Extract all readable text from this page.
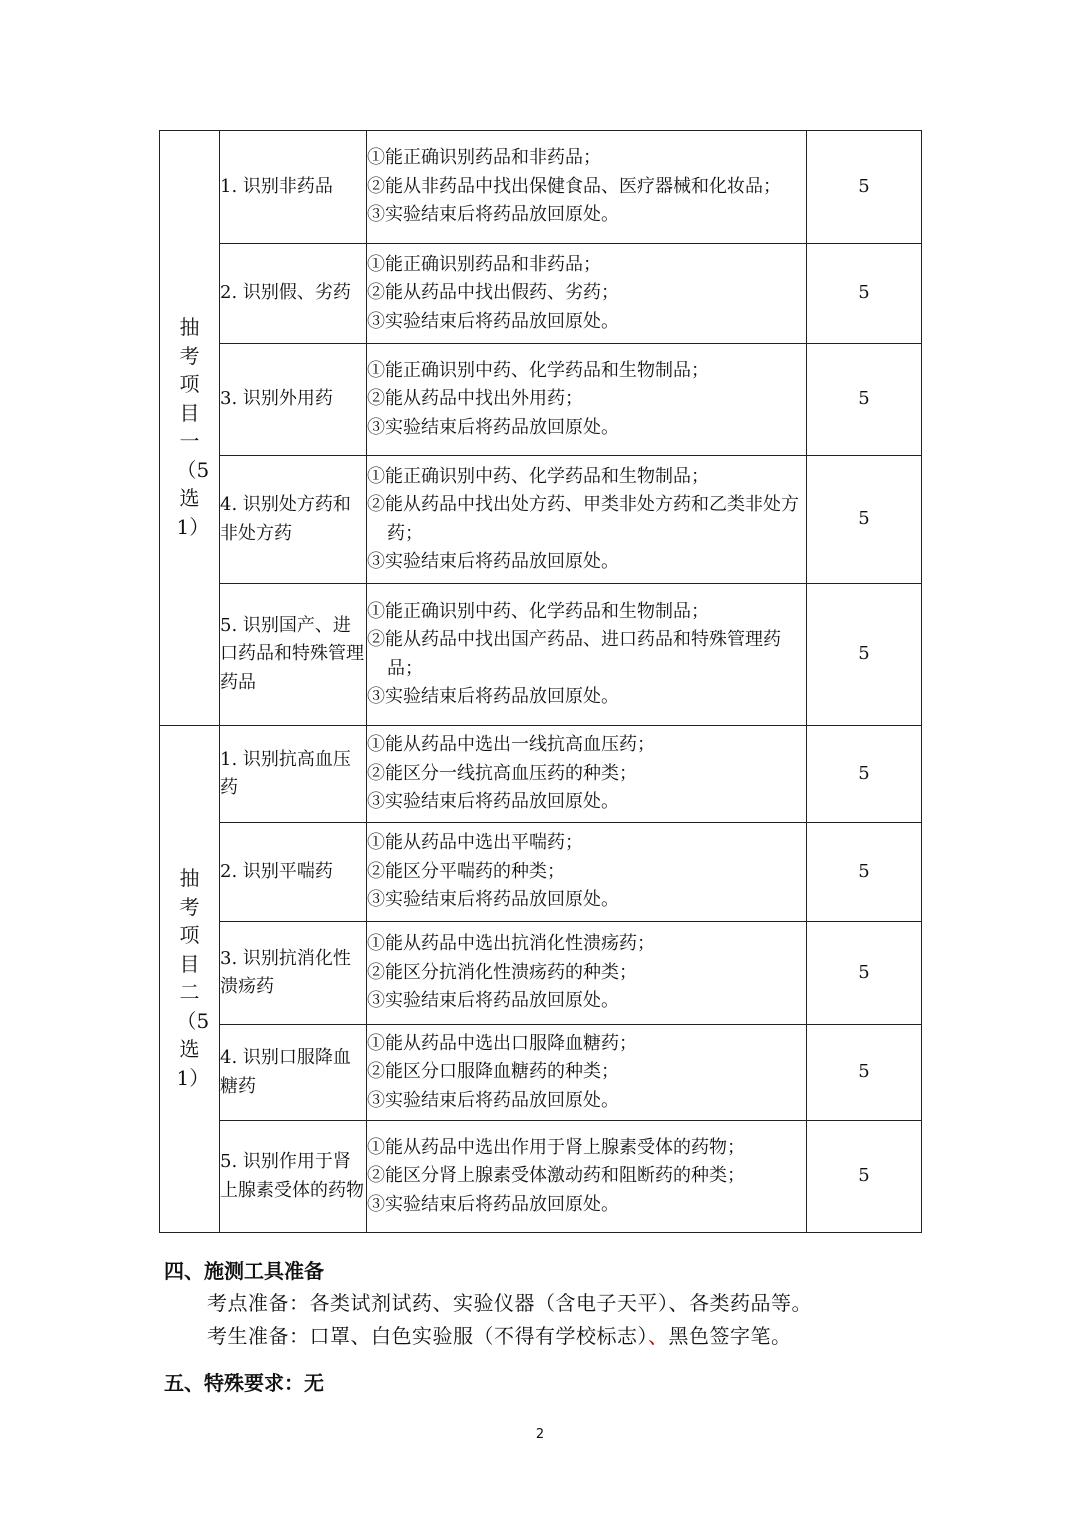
抽考项目一（5选1）	1. 识别非药品	①能正确识别药品和非药品；
②能从非药品中找出保健食品、医疗器械和化妆品；
③实验结束后将药品放回原处。	5
	2. 识别假、劣药	①能正确识别药品和非药品；
②能从药品中找出假药、劣药；
③实验结束后将药品放回原处。	5
	3. 识别外用药	①能正确识别中药、化学药品和生物制品；
②能从药品中找出外用药；
③实验结束后将药品放回原处。	5
	4. 识别处方药和非处方药	①能正确识别中药、化学药品和生物制品；
②能从药品中找出处方药、甲类非处方药和乙类非处方药；
③实验结束后将药品放回原处。	5
	5. 识别国产、进口药品和特殊管理药品	①能正确识别中药、化学药品和生物制品；
②能从药品中找出国产药品、进口药品和特殊管理药品；
③实验结束后将药品放回原处。	5
抽考项目二（5选1）	1. 识别抗高血压药	①能从药品中选出一线抗高血压药；
②能区分一线抗高血压药的种类；
③实验结束后将药品放回原处。	5
	2. 识别平喘药	①能从药品中选出平喘药；
②能区分平喘药的种类；
③实验结束后将药品放回原处。	5
	3. 识别抗消化性溃疡药	①能从药品中选出抗消化性溃疡药；
②能区分抗消化性溃疡药的种类；
③实验结束后将药品放回原处。	5
	4. 识别口服降血糖药	①能从药品中选出口服降血糖药；
②能区分口服降血糖药的种类；
③实验结束后将药品放回原处。	5
	5. 识别作用于肾上腺素受体的药物	①能从药品中选出作用于肾上腺素受体的药物；
②能区分肾上腺素受体激动药和阻断药的种类；
③实验结束后将药品放回原处。	5
四、施测工具准备
考点准备：各类试剂试药、实验仪器（含电子天平）、各类药品等。
考生准备：口罩、白色实验服（不得有学校标志）、黑色签字笔。
五、特殊要求：无
2
